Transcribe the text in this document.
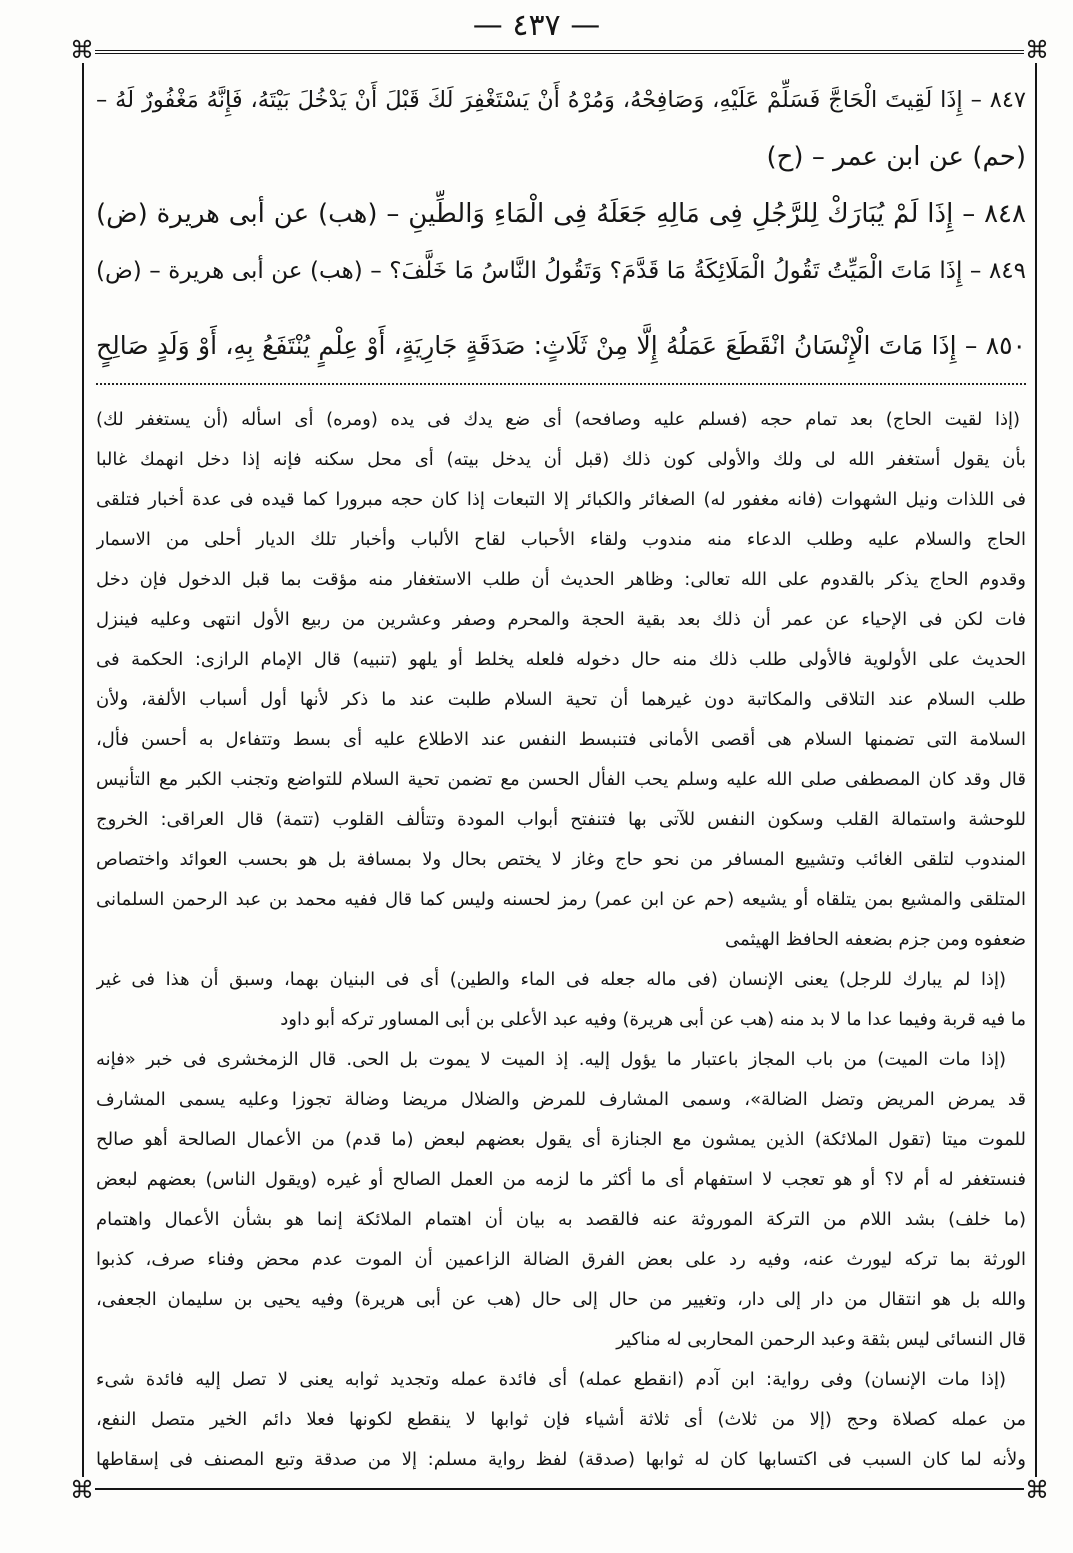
— ٤٣٧ —
⌘	⌘
⌘	⌘
٨٤٧ – إِذَا لَقِيتَ الْحَاجَّ فَسَلِّمْ عَلَيْهِ، وَصَافِحْهُ، وَمُرْهُ أَنْ يَسْتَغْفِرَ لَكَ قَبْلَ أَنْ يَدْخُلَ بَيْتَهُ، فَإِنَّهُ مَغْفُورٌ لَهُ –
(حم) عن ابن عمر – (ح)
٨٤٨ – إِذَا لَمْ يُبَارَكْ لِلرَّجُلِ فِى مَالِهِ جَعَلَهُ فِى الْمَاءِ وَالطِّينِ – (هب) عن أبى هريرة (ض)
٨٤٩ – إِذَا مَاتَ الْمَيِّتُ تَقُولُ الْمَلَائِكَةُ مَا قَدَّمَ؟ وَتَقُولُ النَّاسُ مَا خَلَّفَ؟ – (هب) عن أبى هريرة – (ض)
٨٥٠ – إِذَا مَاتَ الْإِنْسَانُ انْقَطَعَ عَمَلُهُ إِلَّا مِنْ ثَلَاثٍ: صَدَقَةٍ جَارِيَةٍ، أَوْ عِلْمٍ يُنْتَفَعُ بِهِ، أَوْ وَلَدٍ صَالِحٍ
(إذا لقيت الحاج) بعد تمام حجه (فسلم عليه وصافحه) أى ضع يدك فى يده (ومره) أى اسأله (أن يستغفر لك)
بأن يقول أستغفر الله لى ولك والأولى كون ذلك (قبل أن يدخل بيته) أى محل سكنه فإنه إذا دخل انهمك غالبا
فى اللذات ونيل الشهوات (فانه مغفور له) الصغائر والكبائر إلا التبعات إذا كان حجه مبرورا كما قيده فى عدة أخبار فتلقى
الحاج والسلام عليه وطلب الدعاء منه مندوب ولقاء الأحباب لقاح الألباب وأخبار تلك الديار أحلى من الاسمار
وقدوم الحاج يذكر بالقدوم على الله تعالى: وظاهر الحديث أن طلب الاستغفار منه مؤقت بما قبل الدخول فإن دخل
فات لكن فى الإحياء عن عمر أن ذلك بعد بقية الحجة والمحرم وصفر وعشرين من ربيع الأول انتهى وعليه فينزل
الحديث على الأولوية فالأولى طلب ذلك منه حال دخوله فلعله يخلط أو يلهو (تنبيه) قال الإمام الرازى: الحكمة فى
طلب السلام عند التلاقى والمكاتبة دون غيرهما أن تحية السلام طلبت عند ما ذكر لأنها أول أسباب الألفة، ولأن
السلامة التى تضمنها السلام هى أقصى الأمانى فتنبسط النفس عند الاطلاع عليه أى بسط وتتفاءل به أحسن فأل،
قال وقد كان المصطفى صلى الله عليه وسلم يحب الفأل الحسن مع تضمن تحية السلام للتواضع وتجنب الكبر مع التأنيس
للوحشة واستمالة القلب وسكون النفس للآتى بها فتنفتح أبواب المودة وتتألف القلوب (تتمة) قال العراقى: الخروج
المندوب لتلقى الغائب وتشييع المسافر من نحو حاج وغاز لا يختص بحال ولا بمسافة بل هو بحسب العوائد واختصاص
المتلقى والمشيع بمن يتلقاه أو يشيعه (حم عن ابن عمر) رمز لحسنه وليس كما قال ففيه محمد بن عبد الرحمن السلمانى
ضعفوه ومن جزم بضعفه الحافظ الهيثمى
(إذا لم يبارك للرجل) يعنى الإنسان (فى ماله جعله فى الماء والطين) أى فى البنيان بهما، وسبق أن هذا فى غير
ما فيه قربة وفيما عدا ما لا بد منه (هب عن أبى هريرة) وفيه عبد الأعلى بن أبى المساور تركه أبو داود
(إذا مات الميت) من باب المجاز باعتبار ما يؤول إليه. إذ الميت لا يموت بل الحى. قال الزمخشرى فى خبر «فإنه
قد يمرض المريض وتضل الضالة»، وسمى المشارف للمرض والضلال مريضا وضالة تجوزا وعليه يسمى المشارف
للموت ميتا (تقول الملائكة) الذين يمشون مع الجنازة أى يقول بعضهم لبعض (ما قدم) من الأعمال الصالحة أهو صالح
فنستغفر له أم لا؟ أو هو تعجب لا استفهام أى ما أكثر ما لزمه من العمل الصالح أو غيره (ويقول الناس) بعضهم لبعض
(ما خلف) بشد اللام من التركة الموروثة عنه فالقصد به بيان أن اهتمام الملائكة إنما هو بشأن الأعمال واهتمام
الورثة بما تركه ليورث عنه، وفيه رد على بعض الفرق الضالة الزاعمين أن الموت عدم محض وفناء صرف، كذبوا
والله بل هو انتقال من دار إلى دار، وتغيير من حال إلى حال (هب عن أبى هريرة) وفيه يحيى بن سليمان الجعفى،
قال النسائى ليس بثقة وعبد الرحمن المحاربى له مناكير
(إذا مات الإنسان) وفى رواية: ابن آدم (انقطع عمله) أى فائدة عمله وتجديد ثوابه يعنى لا تصل إليه فائدة شىء
من عمله كصلاة وحج (إلا من ثلاث) أى ثلاثة أشياء فإن ثوابها لا ينقطع لكونها فعلا دائم الخير متصل النفع،
ولأنه لما كان السبب فى اكتسابها كان له ثوابها (صدقة) لفظ رواية مسلم: إلا من صدقة وتبع المصنف فى إسقاطها
